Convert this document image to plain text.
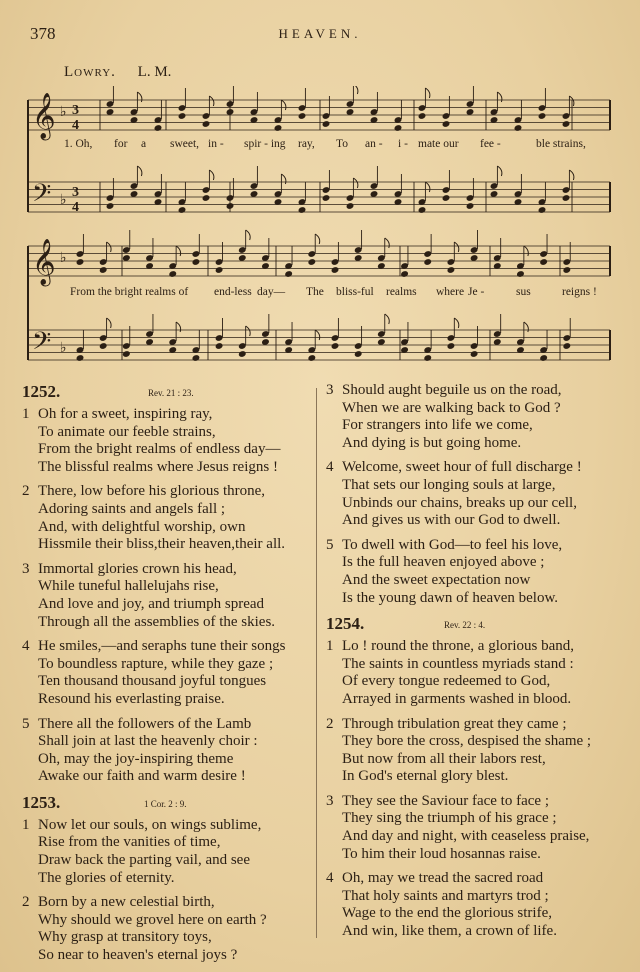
378	HEAVEN.
Lowry. L. M.
𝄞 ♭ 3
4
𝄢 ♭
3
4
𝄞 ♭
𝄢 ♭
1. Oh, for a sweet, in - spir - ing ray, To an - i - mate our fee -	ble strains,
From the bright realms of end-less day— The bliss-ful realms where Je -	sus	reigns !
1252.	Rev. 21 : 23.
1 Oh for a sweet, inspiring ray,
To animate our feeble strains,
From the bright realms of endless day—
The blissful realms where Jesus reigns !
2 There, low before his glorious throne,
Adoring saints and angels fall ;
And, with delightful worship, own
Hissmile their bliss,their heaven,their all.
3 Immortal glories crown his head,
While tuneful hallelujahs rise,
And love and joy, and triumph spread
Through all the assemblies of the skies.
4 He smiles,—and seraphs tune their songs
To boundless rapture, while they gaze ;
Ten thousand thousand joyful tongues
Resound his everlasting praise.
5 There all the followers of the Lamb
Shall join at last the heavenly choir :
Oh, may the joy-inspiring theme
Awake our faith and warm desire !
1253.	1 Cor. 2 : 9.
1 Now let our souls, on wings sublime,
Rise from the vanities of time,
Draw back the parting vail, and see
The glories of eternity.
2 Born by a new celestial birth,
Why should we grovel here on earth ?
Why grasp at transitory toys,
So near to heaven's eternal joys ?
3 Should aught beguile us on the road,
When we are walking back to God ?
For strangers into life we come,
And dying is but going home.
4 Welcome, sweet hour of full discharge !
That sets our longing souls at large,
Unbinds our chains, breaks up our cell,
And gives us with our God to dwell.
5 To dwell with God—to feel his love,
Is the full heaven enjoyed above ;
And the sweet expectation now
Is the young dawn of heaven below.
1254.	Rev. 22 : 4.
1 Lo ! round the throne, a glorious band,
The saints in countless myriads stand :
Of every tongue redeemed to God,
Arrayed in garments washed in blood.
2 Through tribulation great they came ;
They bore the cross, despised the shame ;
But now from all their labors rest,
In God's eternal glory blest.
3 They see the Saviour face to face ;
They sing the triumph of his grace ;
And day and night, with ceaseless praise,
To him their loud hosannas raise.
4 Oh, may we tread the sacred road
That holy saints and martyrs trod ;
Wage to the end the glorious strife,
And win, like them, a crown of life.
